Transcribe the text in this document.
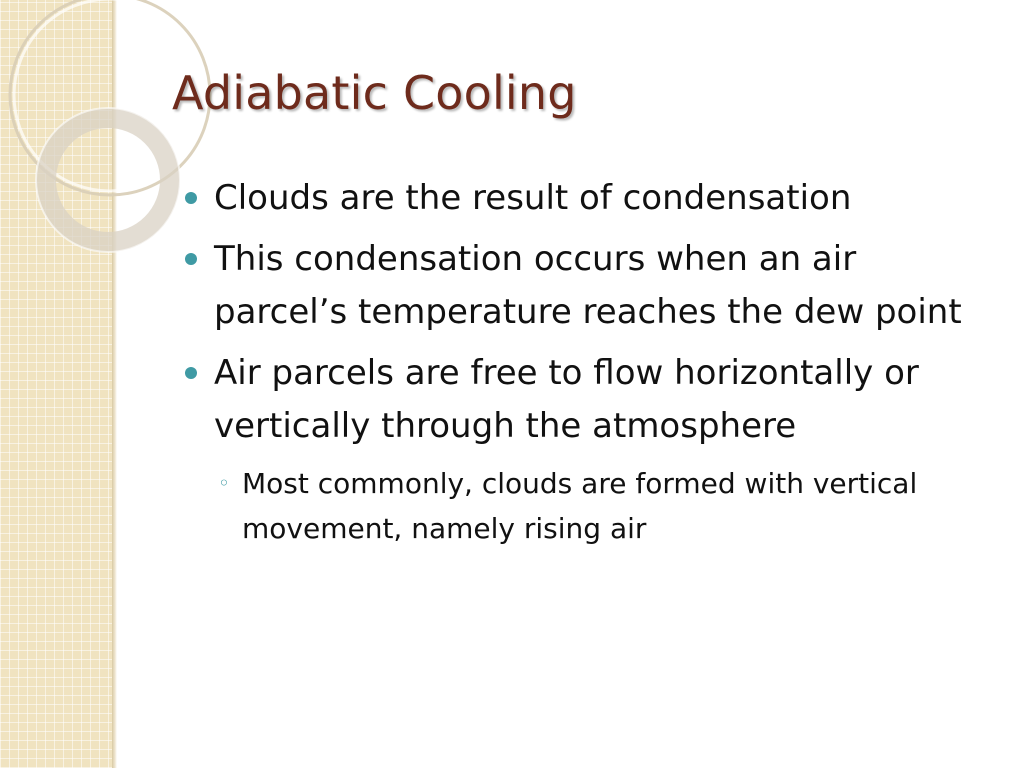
Adiabatic Cooling
Clouds are the result of condensation
This condensation occurs when an air parcel’s temperature reaches the dew point
Air parcels are free to flow horizontally or vertically through the atmosphere
◦ Most commonly, clouds are formed with vertical movement, namely rising air
